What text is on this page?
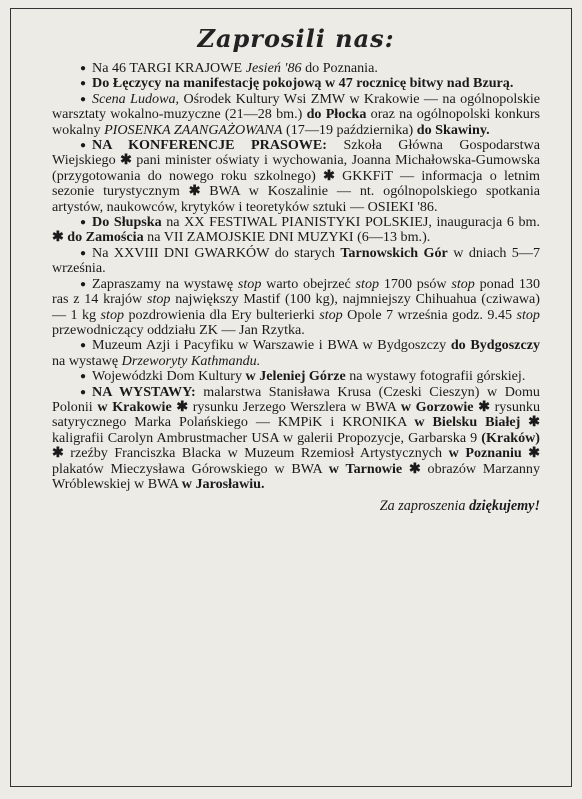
Zaprosili nas:

● Na 46 TARGI KRAJOWE Jesień '86 do Poznania.

● Do Łęczycy na manifestację pokojową w 47 rocznicę bitwy nad Bzurą.

● Scena Ludowa, Ośrodek Kultury Wsi ZMW w Krakowie — na ogólnopolskie warsztaty wokalno-muzyczne (21—28 bm.) do Płocka oraz na ogólnopolski konkurs wokalny PIOSENKA ZAANGAŻOWANA (17—19 października) do Skawiny.

● NA KONFERENCJE PRASOWE: Szkoła Główna Gospodarstwa Wiejskiego ✱ pani minister oświaty i wychowania, Joanna Michałowska-Gumowska (przygotowania do nowego roku szkolnego) ✱ GKKFiT — informacja o letnim sezonie turystycznym ✱ BWA w Koszalinie — nt. ogólnopolskiego spotkania artystów, naukowców, krytyków i teoretyków sztuki — OSIEKI '86.

● Do Słupska na XX FESTIWAL PIANISTYKI POLSKIEJ, inauguracja 6 bm. ✱ do Zamościa na VII ZAMOJSKIE DNI MUZYKI (6—13 bm.).

● Na XXVIII DNI GWARKÓW do starych Tarnowskich Gór w dniach 5—7 września.

● Zapraszamy na wystawę stop warto obejrzeć stop 1700 psów stop ponad 130 ras z 14 krajów stop największy Mastif (100 kg), najmniejszy Chihuahua (cziwawa) — 1 kg stop pozdrowienia dla Ery bulterierki stop Opole 7 września godz. 9.45 stop przewodniczący oddziału ZK — Jan Rzytka.

● Muzeum Azji i Pacyfiku w Warszawie i BWA w Bydgoszczy do Bydgoszczy na wystawę Drzeworyty Kathmandu.

● Wojewódzki Dom Kultury w Jeleniej Górze na wystawy fotografii górskiej.

● NA WYSTAWY: malarstwa Stanisława Krusa (Czeski Cieszyn) w Domu Polonii w Krakowie ✱ rysunku Jerzego Werszlera w BWA w Gorzowie ✱ rysunku satyrycznego Marka Polańskiego — KMPiK i KRONIKA w Bielsku Białej ✱ kaligrafii Carolyn Ambrustmacher USA w galerii Propozycje, Garbarska 9 (Kraków) ✱ rzeźby Franciszka Blacka w Muzeum Rzemiosł Artystycznych w Poznaniu ✱ plakatów Mieczysława Górowskiego w BWA w Tarnowie ✱ obrazów Marzanny Wróblewskiej w BWA w Jarosławiu.

Za zaproszenia dziękujemy!
